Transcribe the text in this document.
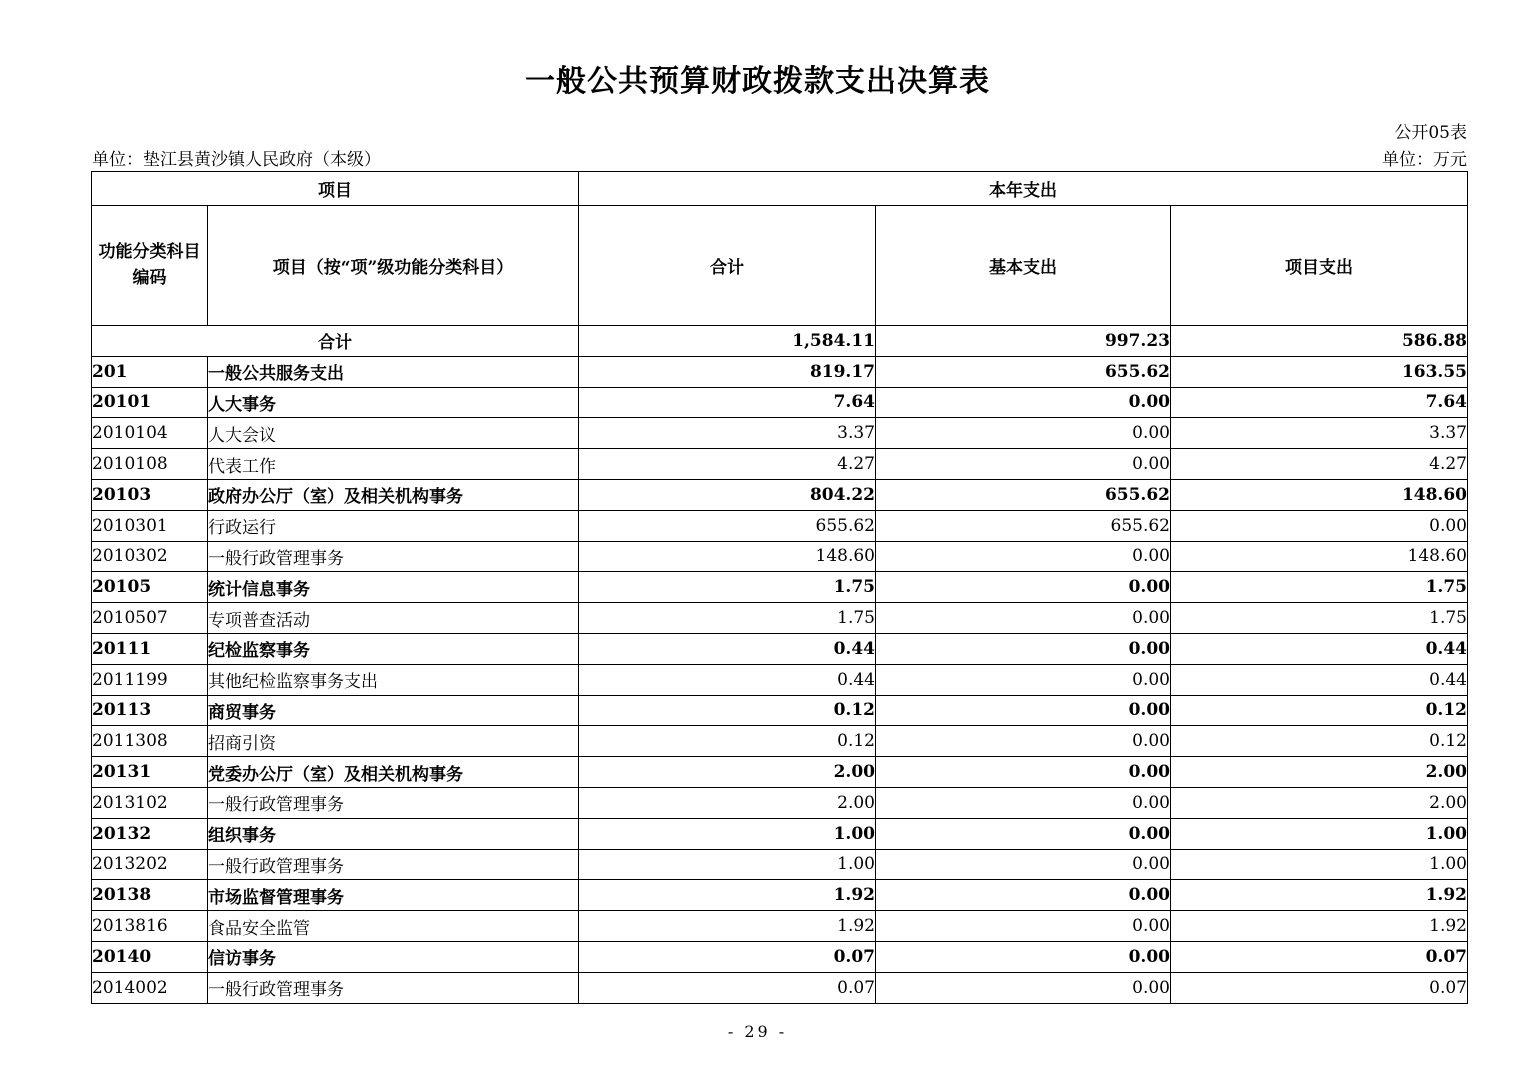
一般公共预算财政拨款支出决算表
公开05表
单位：垫江县黄沙镇人民政府（本级）	单位：万元
项目		本年支出		

功能分类科目
编码	项目（按“项”级功能分类科目）	合计	基本支出	项目支出
合计		1,584.11	997.23	586.88
201	一般公共服务支出	819.17	655.62	163.55
20101	人大事务	7.64	0.00	7.64
2010104	人大会议	3.37	0.00	3.37
2010108	代表工作	4.27	0.00	4.27
20103	政府办公厅（室）及相关机构事务	804.22	655.62	148.60
2010301	行政运行	655.62	655.62	0.00
2010302	一般行政管理事务	148.60	0.00	148.60
20105	统计信息事务	1.75	0.00	1.75
2010507	专项普查活动	1.75	0.00	1.75
20111	纪检监察事务	0.44	0.00	0.44
2011199	其他纪检监察事务支出	0.44	0.00	0.44
20113	商贸事务	0.12	0.00	0.12
2011308	招商引资	0.12	0.00	0.12
20131	党委办公厅（室）及相关机构事务	2.00	0.00	2.00
2013102	一般行政管理事务	2.00	0.00	2.00
20132	组织事务	1.00	0.00	1.00
2013202	一般行政管理事务	1.00	0.00	1.00
20138	市场监督管理事务	1.92	0.00	1.92
2013816	食品安全监管	1.92	0.00	1.92
20140	信访事务	0.07	0.00	0.07
2014002	一般行政管理事务	0.07	0.00	0.07
- 29 -
